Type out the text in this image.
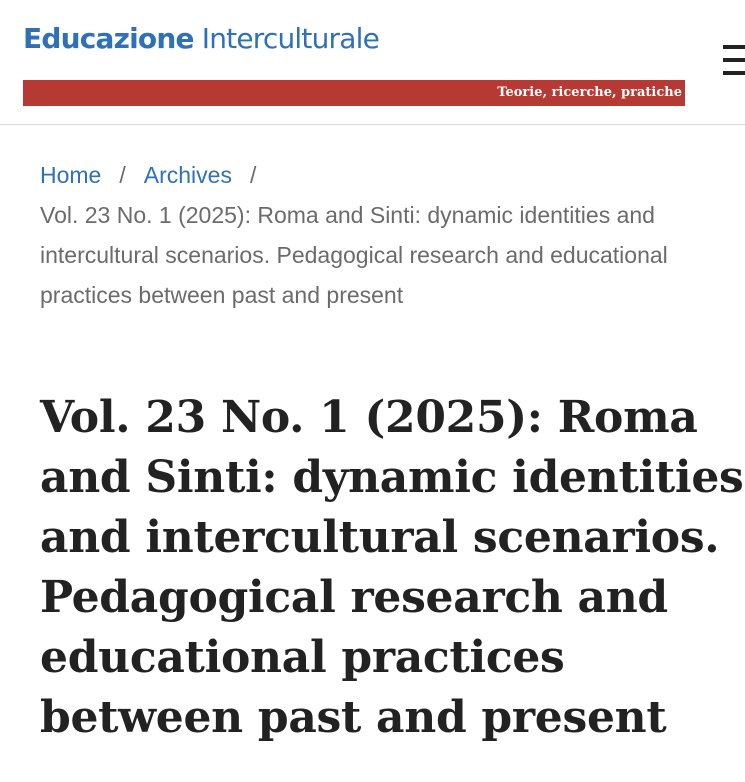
Educazione Interculturale
Teorie, ricerche, pratiche
Home / Archives /
Vol. 23 No. 1 (2025): Roma and Sinti: dynamic identities and intercultural scenarios. Pedagogical research and educational practices between past and present
Vol. 23 No. 1 (2025): Roma and Sinti: dynamic identities and intercultural scenarios. Pedagogical research and educational practices between past and present
